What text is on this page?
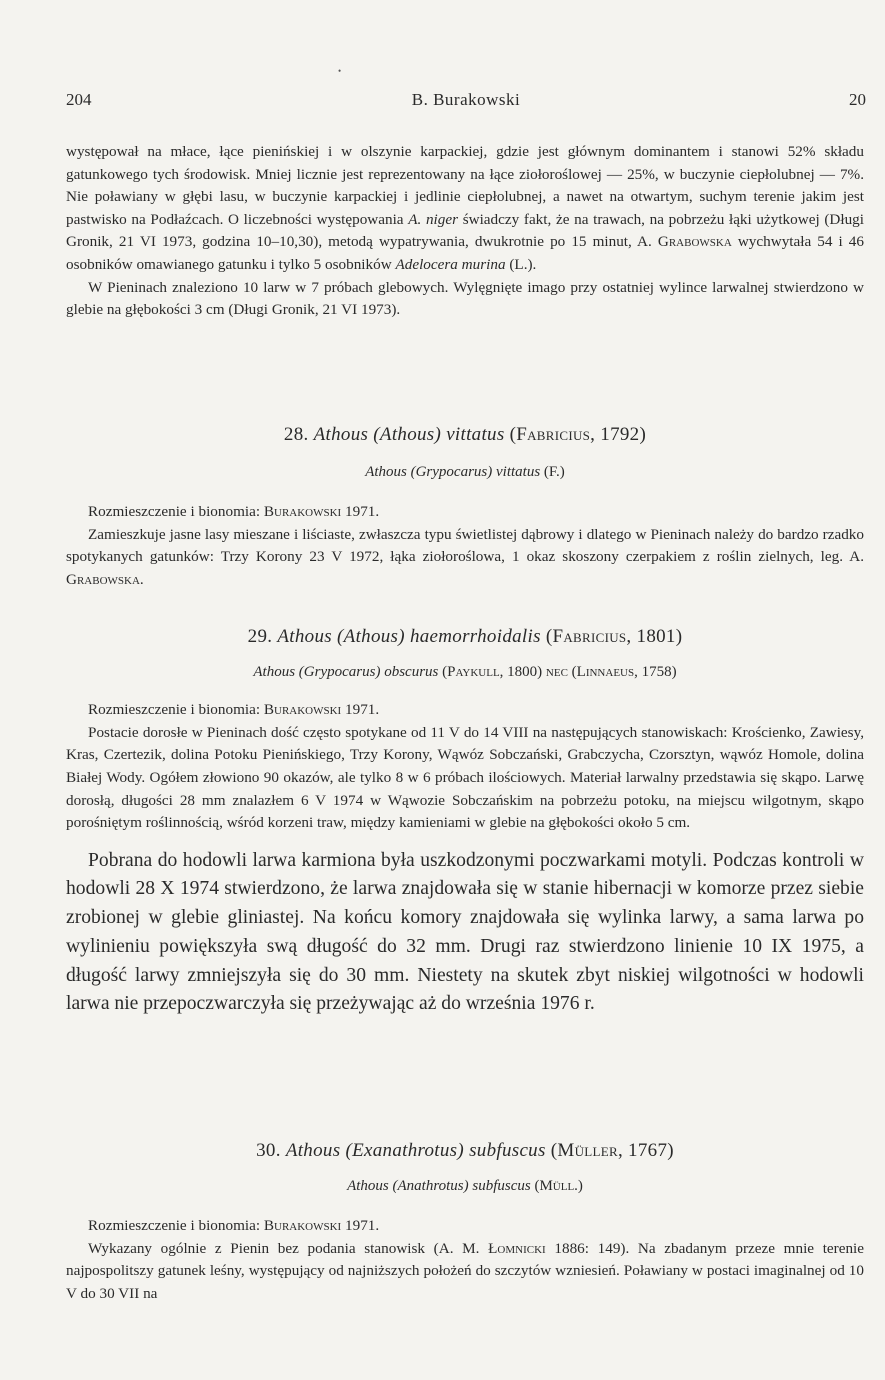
•
204	B. Burakowski	20

występował na młace, łące pienińskiej i w olszynie karpackiej, gdzie jest głównym dominantem i stanowi 52% składu gatunkowego tych środowisk. Mniej licznie jest reprezentowany na łące ziołoroślowej — 25%, w buczynie ciepłolubnej — 7%. Nie poławiany w głębi lasu, w buczynie karpackiej i jedlinie ciepłolubnej, a nawet na otwartym, suchym terenie jakim jest pastwisko na Podłaźcach. O liczebności występowania A. niger świadczy fakt, że na trawach, na pobrzeżu łąki użytkowej (Długi Gronik, 21 VI 1973, godzina 10–10,30), metodą wypatrywania, dwukrotnie po 15 minut, A. Grabowska wychwytała 54 i 46 osobników omawianego gatunku i tylko 5 osobników Adelocera murina (L.).

W Pieninach znaleziono 10 larw w 7 próbach glebowych. Wylęgnięte imago przy ostatniej wylince larwalnej stwierdzono w glebie na głębokości 3 cm (Długi Gronik, 21 VI 1973).

28. Athous (Athous) vittatus (Fabricius, 1792)
Athous (Grypocarus) vittatus (F.)

Rozmieszczenie i bionomia: Burakowski 1971.

Zamieszkuje jasne lasy mieszane i liściaste, zwłaszcza typu świetlistej dąbrowy i dlatego w Pieninach należy do bardzo rzadko spotykanych gatunków: Trzy Korony 23 V 1972, łąka ziołoroślowa, 1 okaz skoszony czerpakiem z roślin zielnych, leg. A. Grabowska.

29. Athous (Athous) haemorrhoidalis (Fabricius, 1801)
Athous (Grypocarus) obscurus (Paykull, 1800) nec (Linnaeus, 1758)

Rozmieszczenie i bionomia: Burakowski 1971.

Postacie dorosłe w Pieninach dość często spotykane od 11 V do 14 VIII na następujących stanowiskach: Krościenko, Zawiesy, Kras, Czertezik, dolina Potoku Pienińskiego, Trzy Korony, Wąwóz Sobczański, Grabczycha, Czorsztyn, wąwóz Homole, dolina Białej Wody. Ogółem złowiono 90 okazów, ale tylko 8 w 6 próbach ilościowych. Materiał larwalny przedstawia się skąpo. Larwę dorosłą, długości 28 mm znalazłem 6 V 1974 w Wąwozie Sobczańskim na pobrzeżu potoku, na miejscu wilgotnym, skąpo porośniętym roślinnością, wśród korzeni traw, między kamieniami w glebie na głębokości około 5 cm.

Pobrana do hodowli larwa karmiona była uszkodzonymi poczwarkami motyli. Podczas kontroli w hodowli 28 X 1974 stwierdzono, że larwa znajdowała się w stanie hibernacji w komorze przez siebie zrobionej w glebie gliniastej. Na końcu komory znajdowała się wylinka larwy, a sama larwa po wylinieniu powiększyła swą długość do 32 mm. Drugi raz stwierdzono linienie 10 IX 1975, a długość larwy zmniejszyła się do 30 mm. Niestety na skutek zbyt niskiej wilgotności w hodowli larwa nie przepoczwarczyła się przeżywając aż do września 1976 r.

30. Athous (Exanathrotus) subfuscus (Müller, 1767)
Athous (Anathrotus) subfuscus (Müll.)

Rozmieszczenie i bionomia: Burakowski 1971.

Wykazany ogólnie z Pienin bez podania stanowisk (A. M. Łomnicki 1886: 149). Na zbadanym przeze mnie terenie najpospolitszy gatunek leśny, występujący od najniższych położeń do szczytów wzniesień. Poławiany w postaci imaginalnej od 10 V do 30 VII na
